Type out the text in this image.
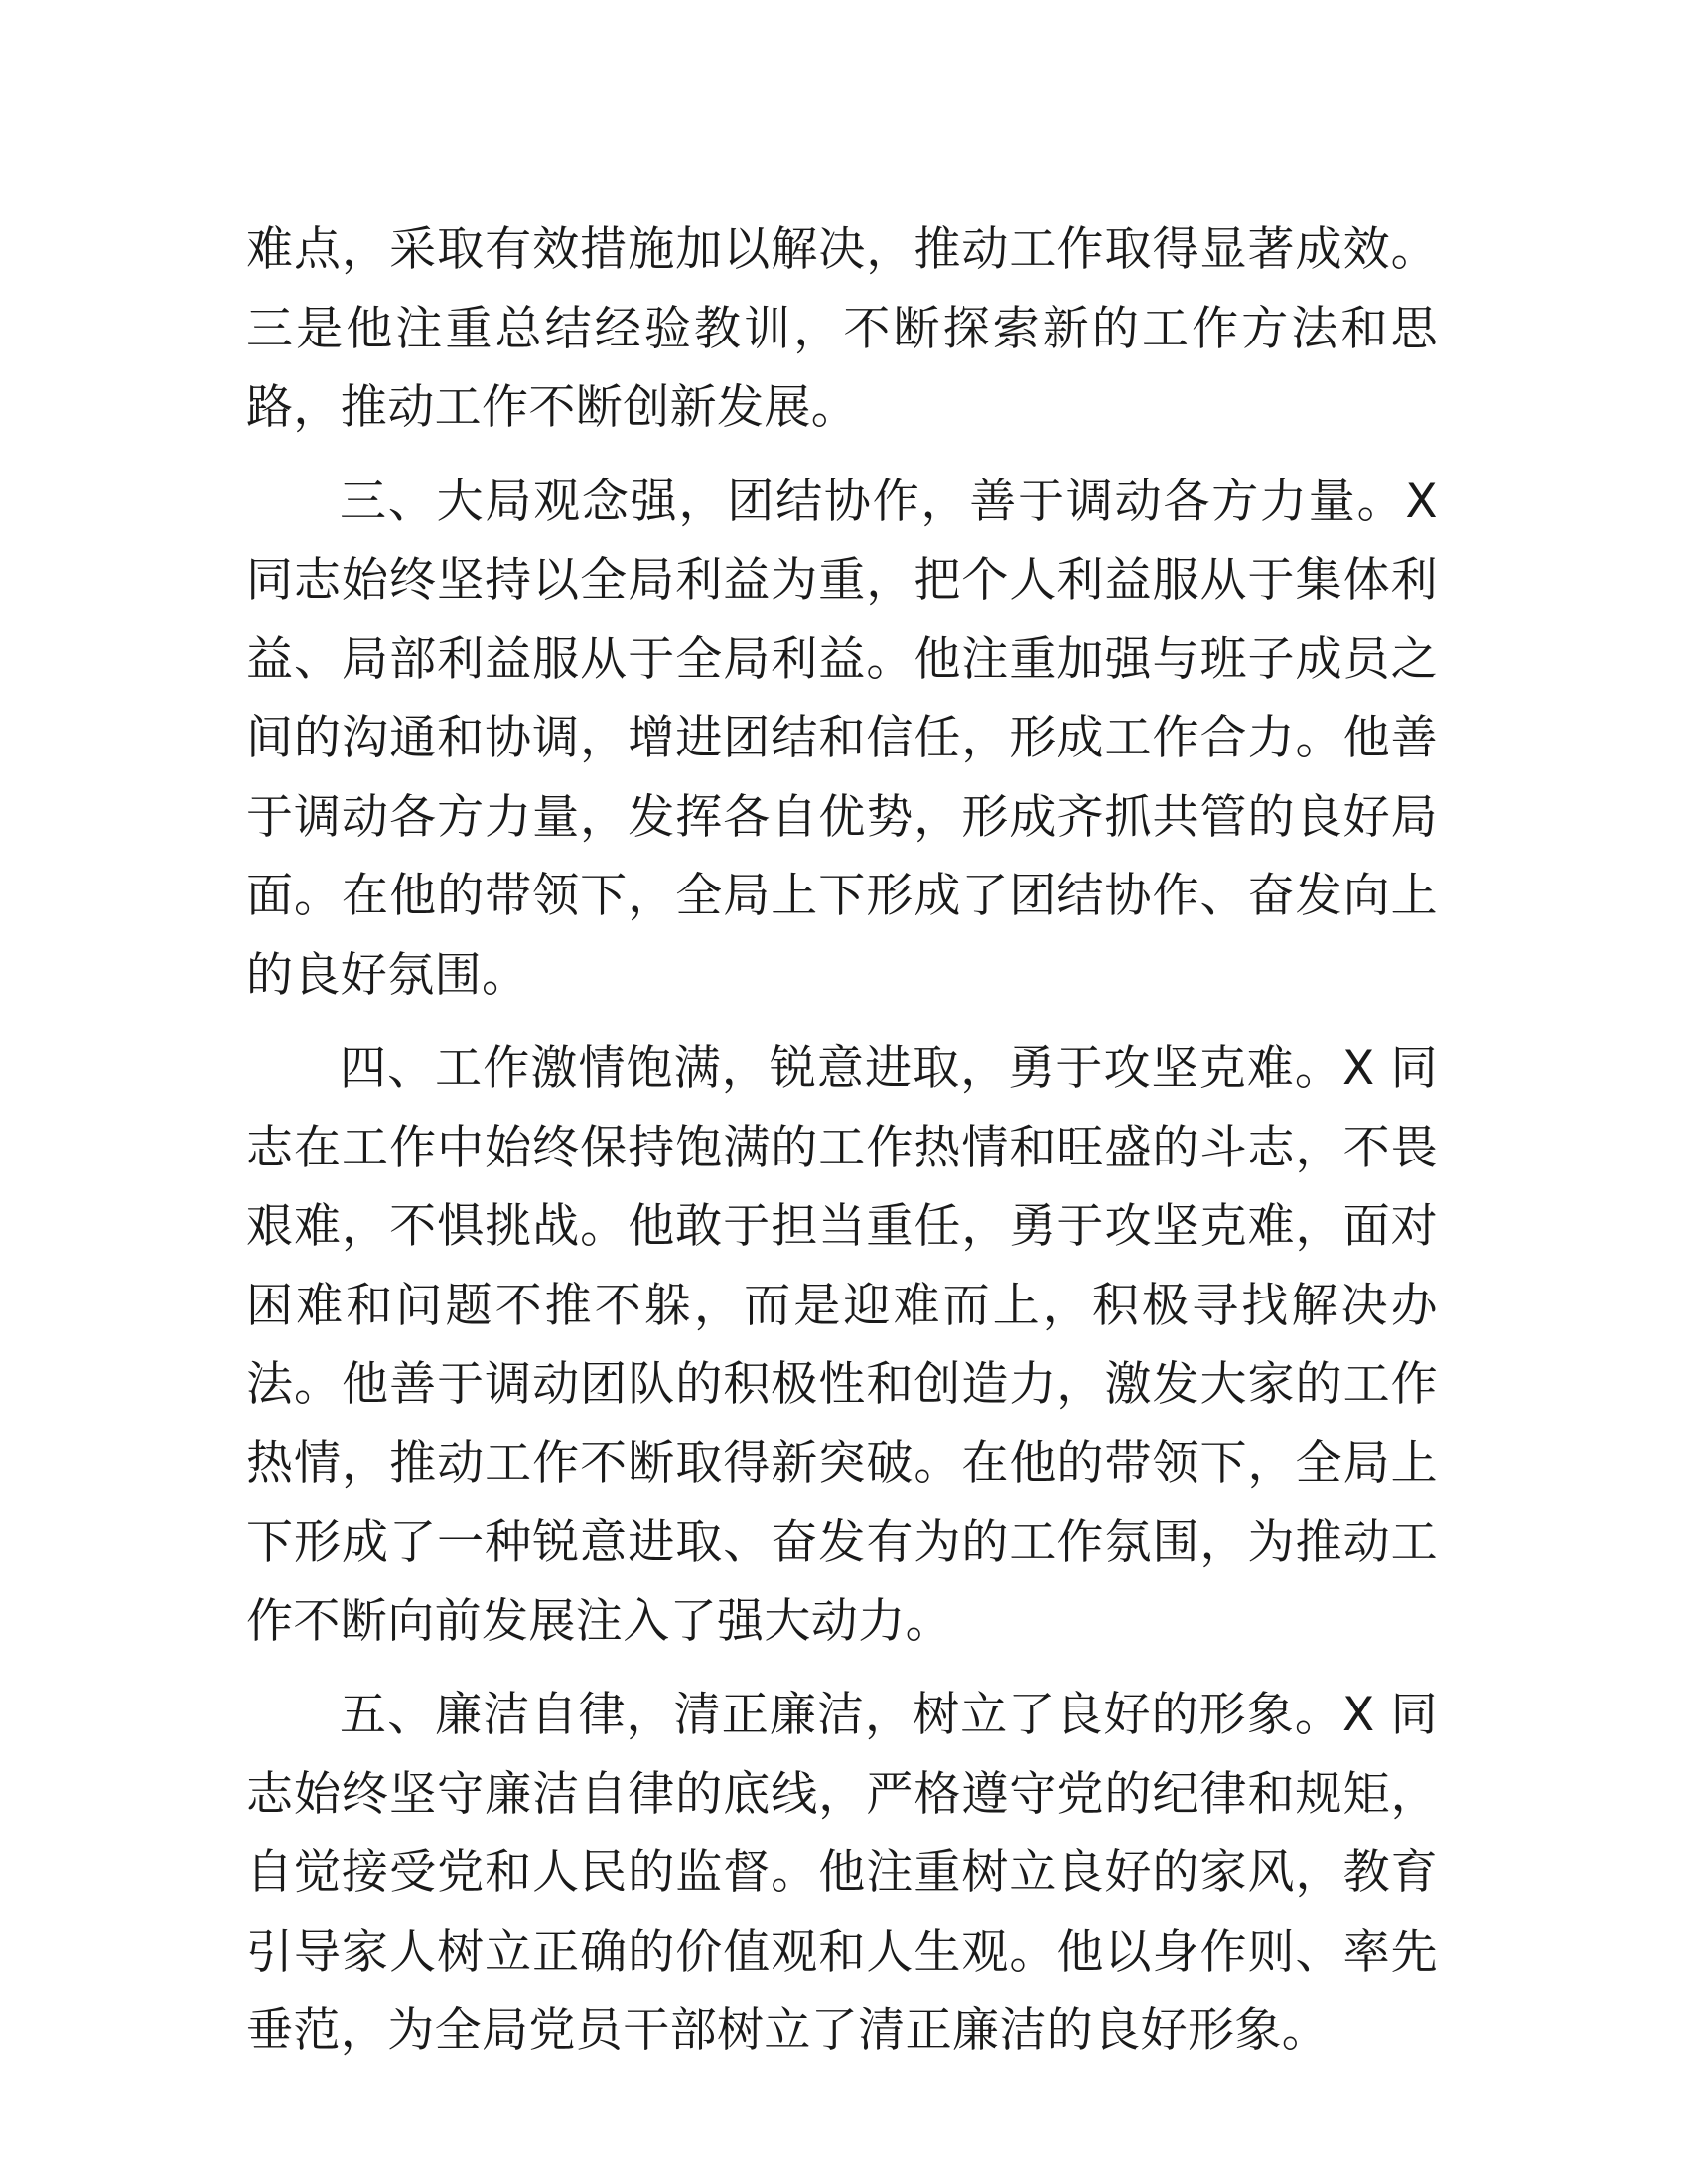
难点，采取有效措施加以解决，推动工作取得显著成效。三是他注重总结经验教训，不断探索新的工作方法和思路，推动工作不断创新发展。

三、大局观念强，团结协作，善于调动各方力量。X 同志始终坚持以全局利益为重，把个人利益服从于集体利益、局部利益服从于全局利益。他注重加强与班子成员之间的沟通和协调，增进团结和信任，形成工作合力。他善于调动各方力量，发挥各自优势，形成齐抓共管的良好局面。在他的带领下，全局上下形成了团结协作、奋发向上的良好氛围。

四、工作激情饱满，锐意进取，勇于攻坚克难。X 同志在工作中始终保持饱满的工作热情和旺盛的斗志，不畏艰难，不惧挑战。他敢于担当重任，勇于攻坚克难，面对困难和问题不推不躲，而是迎难而上，积极寻找解决办法。他善于调动团队的积极性和创造力，激发大家的工作热情，推动工作不断取得新突破。在他的带领下，全局上下形成了一种锐意进取、奋发有为的工作氛围，为推动工作不断向前发展注入了强大动力。

五、廉洁自律，清正廉洁，树立了良好的形象。X 同志始终坚守廉洁自律的底线，严格遵守党的纪律和规矩，自觉接受党和人民的监督。他注重树立良好的家风，教育引导家人树立正确的价值观和人生观。他以身作则、率先垂范，为全局党员干部树立了清正廉洁的良好形象。
